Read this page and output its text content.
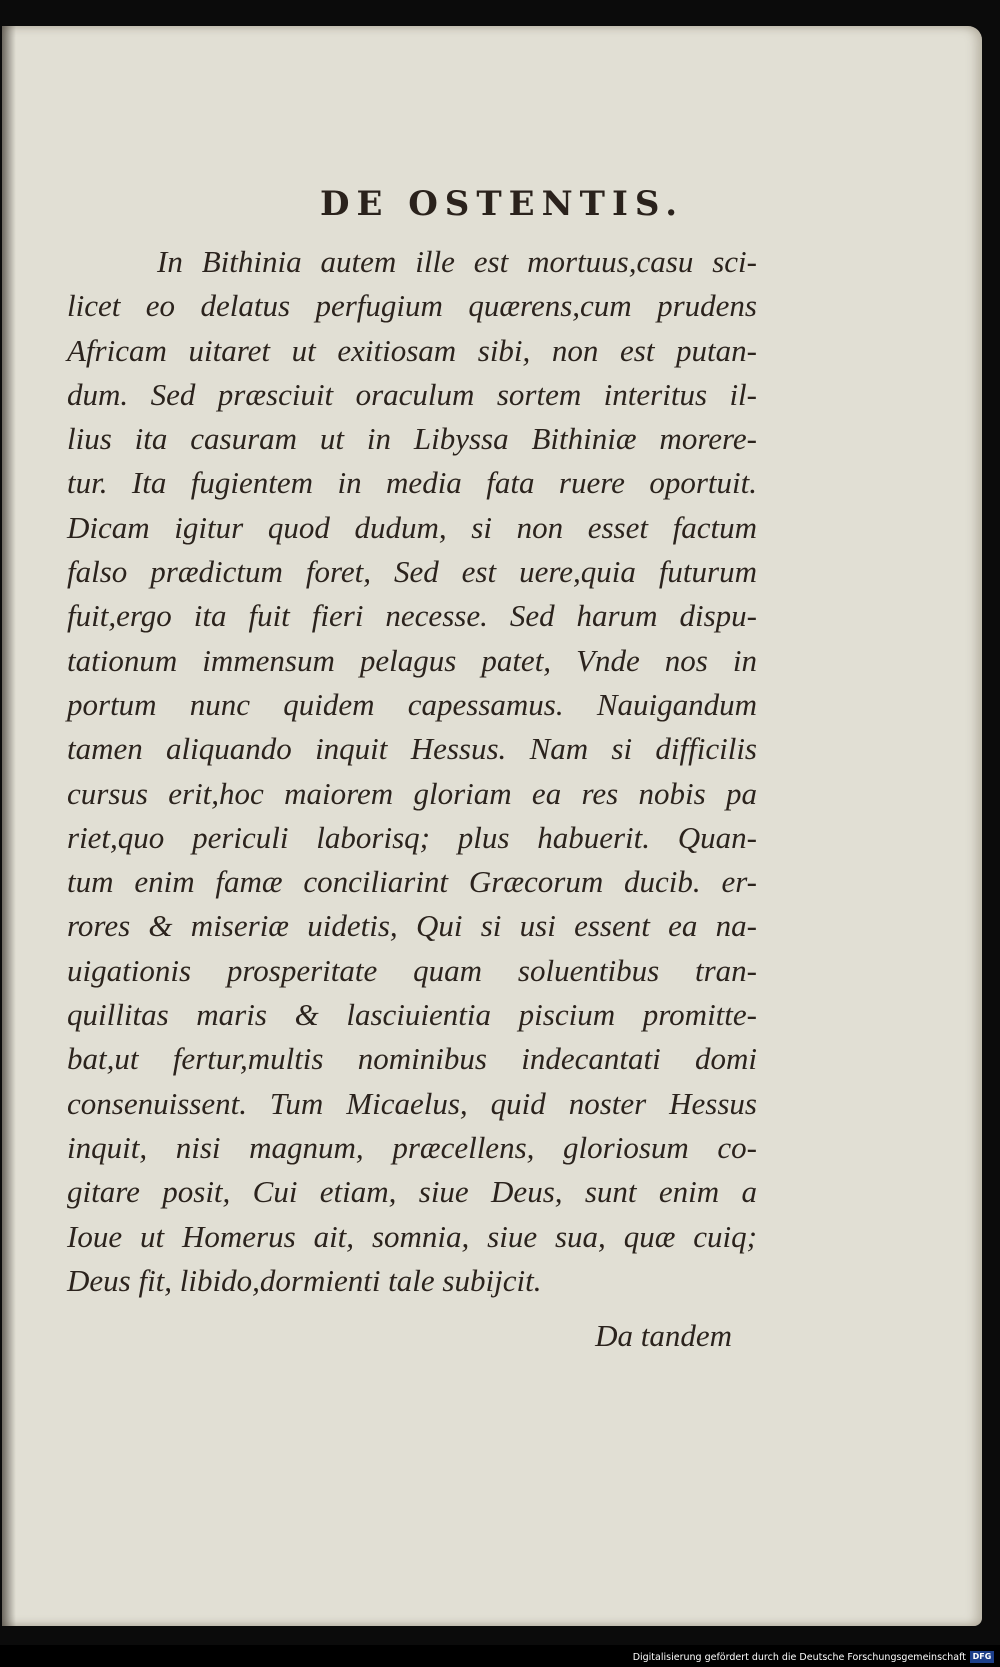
DE OSTENTIS.
In Bithinia autem ille est mortuus,casu sci-
licet eo delatus perfugium quærens,cum prudens
Africam uitaret ut exitiosam sibi, non est putan-
dum. Sed præsciuit oraculum sortem interitus il-
lius ita casuram ut in Libyssa Bithiniæ morere-
tur. Ita fugientem in media fata ruere oportuit.
Dicam igitur quod dudum, si non esset factum
falso prædictum foret, Sed est uere,quia futurum
fuit,ergo ita fuit fieri necesse. Sed harum dispu-
tationum immensum pelagus patet, Vnde nos in
portum nunc quidem capessamus. Nauigandum
tamen aliquando inquit Hessus. Nam si difficilis
cursus erit,hoc maiorem gloriam ea res nobis pa
riet,quo periculi laborisq; plus habuerit. Quan-
tum enim famæ conciliarint Græcorum ducib. er-
rores & miseriæ uidetis, Qui si usi essent ea na-
uigationis prosperitate quam soluentibus tran-
quillitas maris & lasciuientia piscium promitte-
bat,ut fertur,multis nominibus indecantati domi
consenuissent. Tum Micaelus, quid noster Hessus
inquit, nisi magnum, præcellens, gloriosum co-
gitare posit, Cui etiam, siue Deus, sunt enim a
Ioue ut Homerus ait, somnia, siue sua, quæ cuiq;
Deus fit, libido,dormienti tale subijcit.
Da tandem
Digitalisierung gefördert durch die Deutsche Forschungsgemeinschaft DFG
